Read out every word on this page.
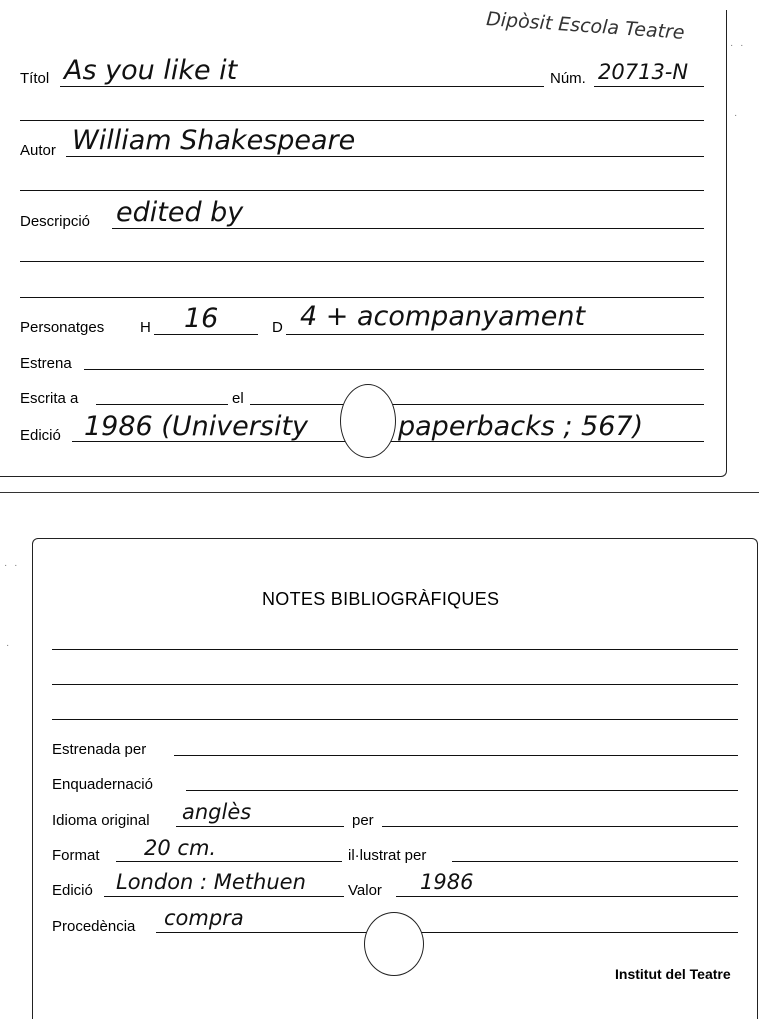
Dipòsit Escola Teatre
Títol As you like it	Núm. 20713-N
Autor William Shakespeare
Descripció edited by
Personatges H 16	D 4 + acompanyament
Estrena
Escrita a	el
Edició 1986 (University	paperbacks ; 567)
· ·
·
NOTES BIBLIOGRÀFIQUES
Estrenada per
Enquadernació
Idioma original anglès	per
Format 20 cm.	il·lustrat per
Edició London : Methuen	Valor 1986
Procedència compra
Institut del Teatre
· ·
·
